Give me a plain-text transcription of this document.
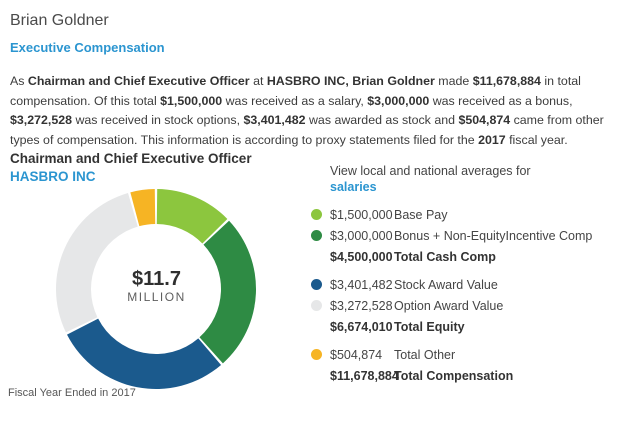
Brian Goldner
Executive Compensation

As Chairman and Chief Executive Officer at HASBRO INC, Brian Goldner made $11,678,884 in total compensation. Of this total $1,500,000 was received as a salary, $3,000,000 was received as a bonus, $3,272,528 was received in stock options, $3,401,482 was awarded as stock and $504,874 came from other types of compensation. This information is according to proxy statements filed for the 2017 fiscal year.

Chairman and Chief Executive Officer
HASBRO INC
$11.7
MILLION
Fiscal Year Ended in 2017
View local and national averages for
salaries
$1,500,000 Base Pay
$3,000,000 Bonus + Non-EquityIncentive Comp
$4,500,000 Total Cash Comp
$3,401,482 Stock Award Value
$3,272,528 Option Award Value
$6,674,010 Total Equity
$504,874 Total Other
$11,678,884
Total Compensation
